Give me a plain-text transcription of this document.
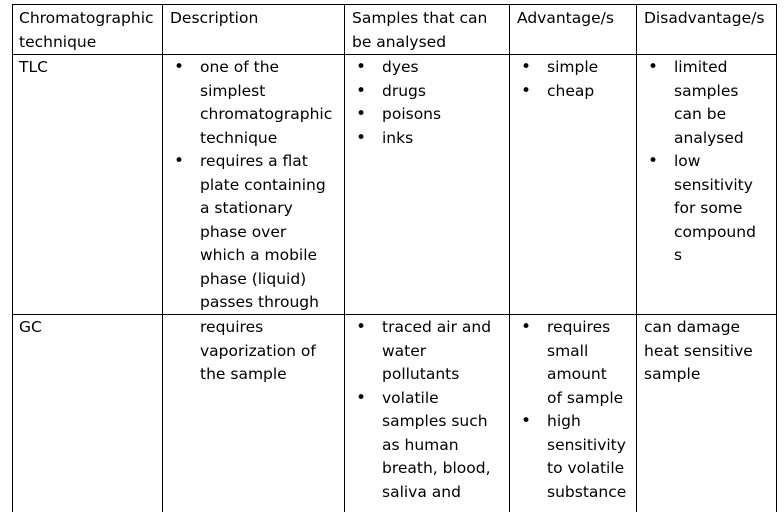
Chromatographic
technique
Description	Samples that can
be analysed
Advantage/s Disadvantage/s
TLC
•	one of the
simplest
chromatographic
technique
• requires a flat
plate containing
a stationary
phase over
which a mobile
phase (liquid)
passes through
• dyes
• drugs
• poisons
• inks
• simple
• cheap
• limited
samples
can be
analysed
• low
sensitivity
for some
compound
s
GC	requires
vaporization of
the sample
• traced air and
water
pollutants
• volatile
samples such
as human
breath, blood,
saliva and
• requires
small
amount
of sample
• high
sensitivity
to volatile
substance
can damage
heat sensitive
sample
